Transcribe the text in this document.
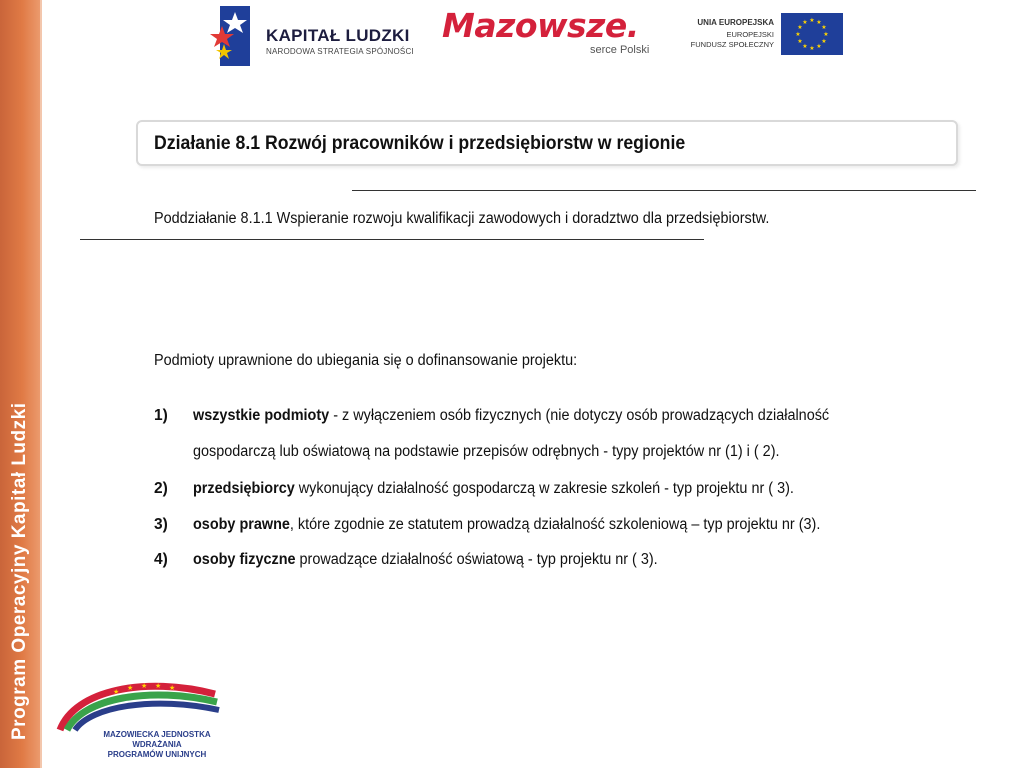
Program Operacyjny Kapitał Ludzki
KAPITAŁ LUDZKI
NARODOWA STRATEGIA SPÓJNOŚCI
Mazowsze.
serce Polski
UNIA EUROPEJSKA
EUROPEJSKI
FUNDUSZ SPOŁECZNY
★ ★
★
★
★
★
★
★
★
★
★
★
Działanie 8.1 Rozwój pracowników i przedsiębiorstw w regionie
Poddziałanie 8.1.1 Wspieranie rozwoju kwalifikacji zawodowych i doradztwo dla przedsiębiorstw.
Podmioty uprawnione do ubiegania się o dofinansowanie projektu:
1) wszystkie podmioty - z wyłączeniem osób fizycznych (nie dotyczy osób prowadzących działalność
gospodarczą lub oświatową na podstawie przepisów odrębnych - typy projektów nr (1) i ( 2).
2) przedsiębiorcy wykonujący działalność gospodarczą w zakresie szkoleń - typ projektu nr ( 3).
3) osoby prawne, które zgodnie ze statutem prowadzą działalność szkoleniową – typ projektu nr (3).
4) osoby fizyczne prowadzące działalność oświatową - typ projektu nr ( 3).
★ ★ ★ ★ ★
MAZOWIECKA JEDNOSTKA
WDRAŻANIA
PROGRAMÓW UNIJNYCH
